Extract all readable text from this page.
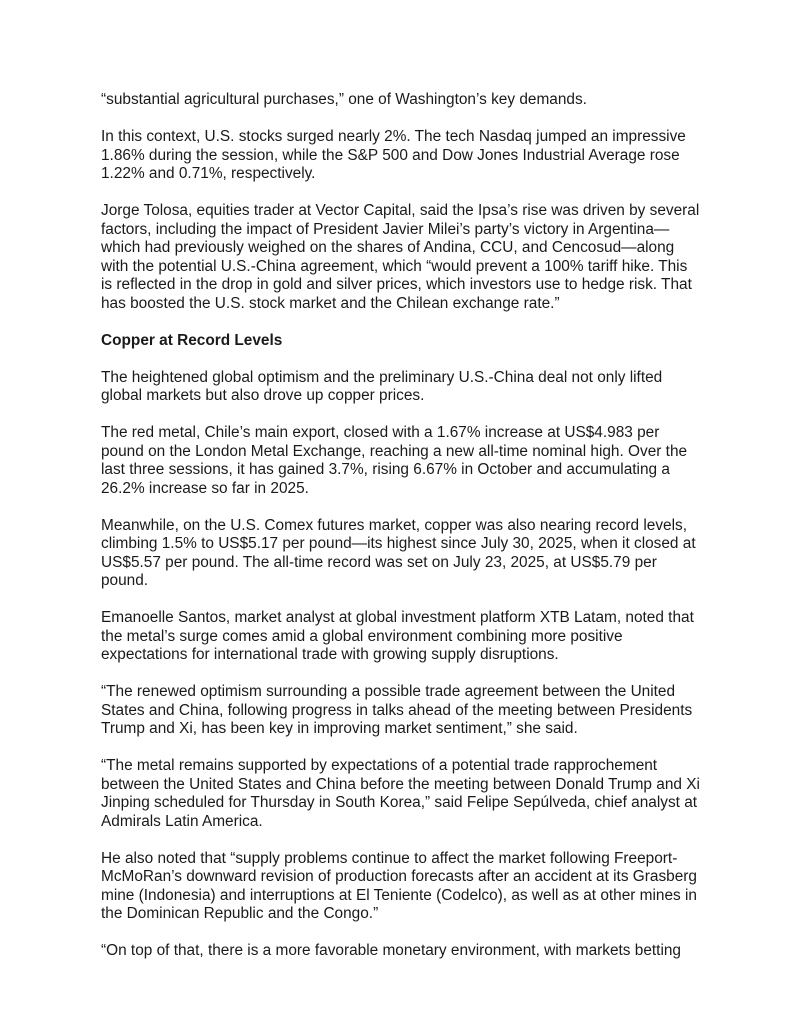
“substantial agricultural purchases,” one of Washington’s key demands.

In this context, U.S. stocks surged nearly 2%. The tech Nasdaq jumped an impressive
1.86% during the session, while the S&P 500 and Dow Jones Industrial Average rose
1.22% and 0.71%, respectively.

Jorge Tolosa, equities trader at Vector Capital, said the Ipsa’s rise was driven by several
factors, including the impact of President Javier Milei’s party’s victory in Argentina—
which had previously weighed on the shares of Andina, CCU, and Cencosud—along
with the potential U.S.-China agreement, which “would prevent a 100% tariff hike. This
is reflected in the drop in gold and silver prices, which investors use to hedge risk. That
has boosted the U.S. stock market and the Chilean exchange rate.”

Copper at Record Levels

The heightened global optimism and the preliminary U.S.-China deal not only lifted
global markets but also drove up copper prices.

The red metal, Chile’s main export, closed with a 1.67% increase at US$4.983 per
pound on the London Metal Exchange, reaching a new all-time nominal high. Over the
last three sessions, it has gained 3.7%, rising 6.67% in October and accumulating a
26.2% increase so far in 2025.

Meanwhile, on the U.S. Comex futures market, copper was also nearing record levels,
climbing 1.5% to US$5.17 per pound—its highest since July 30, 2025, when it closed at
US$5.57 per pound. The all-time record was set on July 23, 2025, at US$5.79 per
pound.

Emanoelle Santos, market analyst at global investment platform XTB Latam, noted that
the metal’s surge comes amid a global environment combining more positive
expectations for international trade with growing supply disruptions.

“The renewed optimism surrounding a possible trade agreement between the United
States and China, following progress in talks ahead of the meeting between Presidents
Trump and Xi, has been key in improving market sentiment,” she said.

“The metal remains supported by expectations of a potential trade rapprochement
between the United States and China before the meeting between Donald Trump and Xi
Jinping scheduled for Thursday in South Korea,” said Felipe Sepúlveda, chief analyst at
Admirals Latin America.

He also noted that “supply problems continue to affect the market following Freeport-
McMoRan’s downward revision of production forecasts after an accident at its Grasberg
mine (Indonesia) and interruptions at El Teniente (Codelco), as well as at other mines in
the Dominican Republic and the Congo.”

“On top of that, there is a more favorable monetary environment, with markets betting
